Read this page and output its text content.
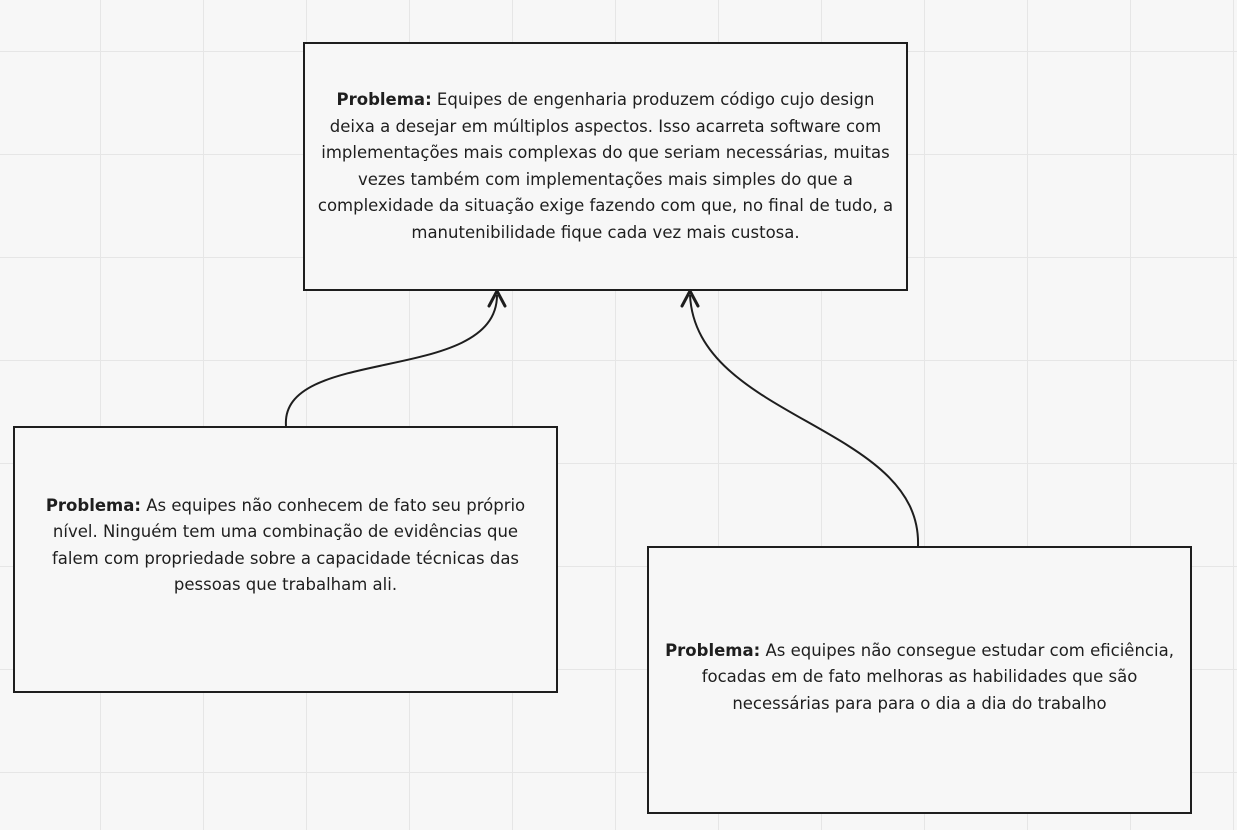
Problema: Equipes de engenharia produzem código cujo design deixa a desejar em múltiplos aspectos. Isso acarreta software com implementações mais complexas do que seriam necessárias, muitas vezes também com implementações mais simples do que a complexidade da situação exige fazendo com que, no final de tudo, a manutenibilidade fique cada vez mais custosa.
Problema: As equipes não conhecem de fato seu próprio nível. Ninguém tem uma combinação de evidências que falem com propriedade sobre a capacidade técnicas das pessoas que trabalham ali.
Problema: As equipes não consegue estudar com eficiência, focadas em de fato melhoras as habilidades que são necessárias para para o dia a dia do trabalho
